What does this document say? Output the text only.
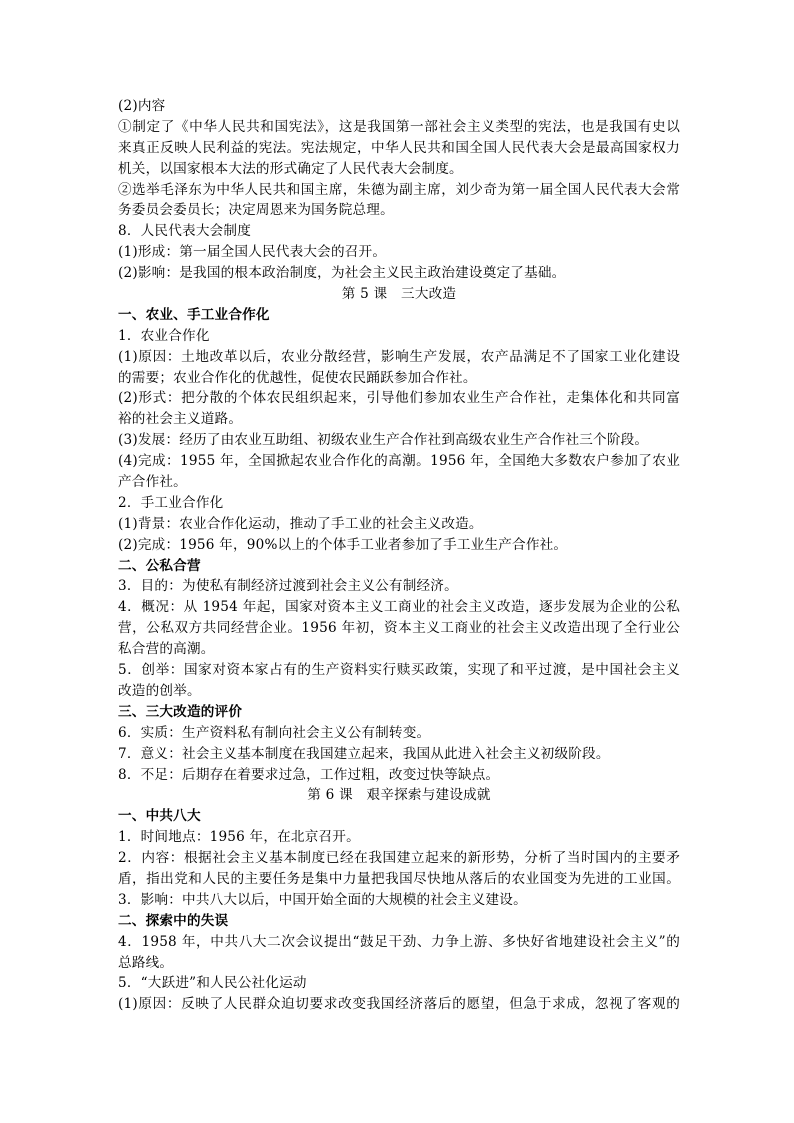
(2)内容
①制定了《中华人民共和国宪法》，这是我国第一部社会主义类型的宪法，也是我国有史以
来真正反映人民利益的宪法。宪法规定，中华人民共和国全国人民代表大会是最高国家权力
机关，以国家根本大法的形式确定了人民代表大会制度。
②选举毛泽东为中华人民共和国主席，朱德为副主席，刘少奇为第一届全国人民代表大会常
务委员会委员长；决定周恩来为国务院总理。
8．人民代表大会制度
(1)形成：第一届全国人民代表大会的召开。
(2)影响：是我国的根本政治制度，为社会主义民主政治建设奠定了基础。
第 5 课　三大改造
一、农业、手工业合作化
1．农业合作化
(1)原因：土地改革以后，农业分散经营，影响生产发展，农产品满足不了国家工业化建设
的需要；农业合作化的优越性，促使农民踊跃参加合作社。
(2)形式：把分散的个体农民组织起来，引导他们参加农业生产合作社，走集体化和共同富
裕的社会主义道路。
(3)发展：经历了由农业互助组、初级农业生产合作社到高级农业生产合作社三个阶段。
(4)完成：1955 年，全国掀起农业合作化的高潮。1956 年，全国绝大多数农户参加了农业
产合作社。
2．手工业合作化
(1)背景：农业合作化运动，推动了手工业的社会主义改造。
(2)完成：1956 年，90%以上的个体手工业者参加了手工业生产合作社。
二、公私合营
3．目的：为使私有制经济过渡到社会主义公有制经济。
4．概况：从 1954 年起，国家对资本主义工商业的社会主义改造，逐步发展为企业的公私
营，公私双方共同经营企业。1956 年初，资本主义工商业的社会主义改造出现了全行业公
私合营的高潮。
5．创举：国家对资本家占有的生产资料实行赎买政策，实现了和平过渡，是中国社会主义
改造的创举。
三、三大改造的评价
6．实质：生产资料私有制向社会主义公有制转变。
7．意义：社会主义基本制度在我国建立起来，我国从此进入社会主义初级阶段。
8．不足：后期存在着要求过急，工作过粗，改变过快等缺点。
第 6 课　艰辛探索与建设成就
一、中共八大
1．时间地点：1956 年，在北京召开。
2．内容：根据社会主义基本制度已经在我国建立起来的新形势，分析了当时国内的主要矛
盾，指出党和人民的主要任务是集中力量把我国尽快地从落后的农业国变为先进的工业国。
3．影响：中共八大以后，中国开始全面的大规模的社会主义建设。
二、探索中的失误
4．1958 年，中共八大二次会议提出“鼓足干劲、力争上游、多快好省地建设社会主义”的
总路线。
5．“大跃进”和人民公社化运动
(1)原因：反映了人民群众迫切要求改变我国经济落后的愿望，但急于求成，忽视了客观的
